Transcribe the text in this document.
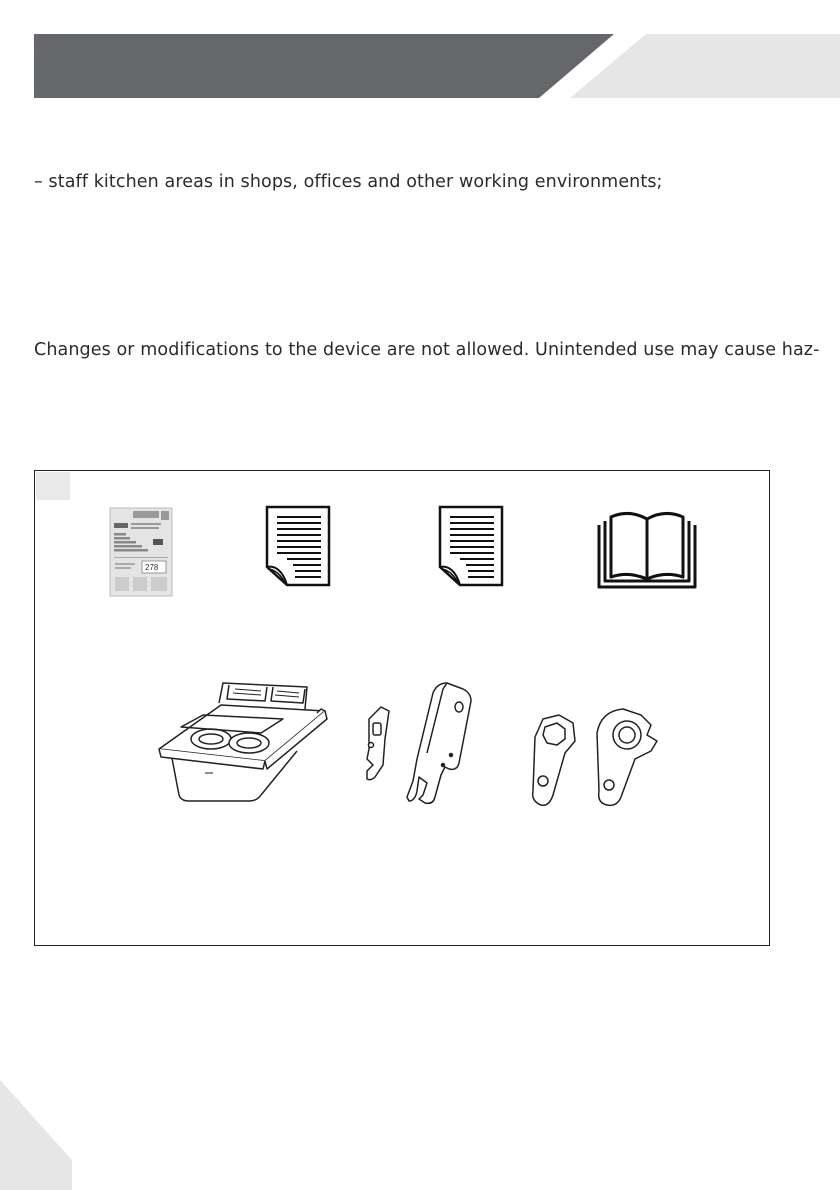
– staff kitchen areas in shops, offices and other working environments;
Changes or modifications to the device are not allowed. Unintended use may cause haz-
278
